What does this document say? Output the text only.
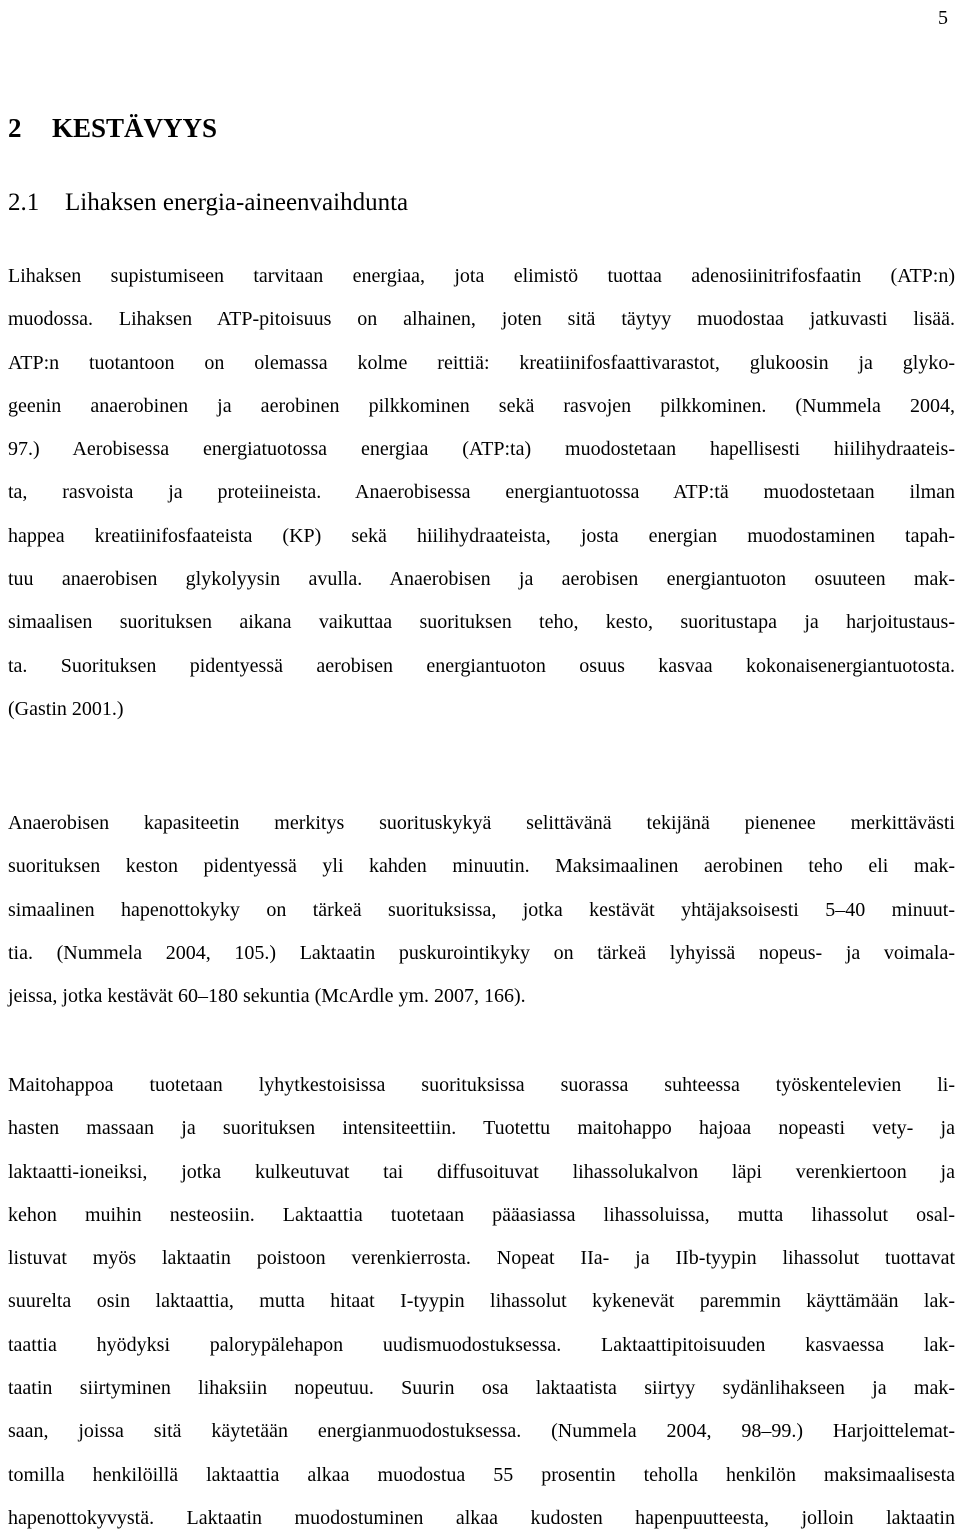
5
2 KESTÄVYYS
2.1 Lihaksen energia-aineenvaihdunta
Lihaksen supistumiseen tarvitaan energiaa, jota elimistö tuottaa adenosiinitrifosfaatin (ATP:n)
muodossa. Lihaksen ATP-pitoisuus on alhainen, joten sitä täytyy muodostaa jatkuvasti lisää.
ATP:n tuotantoon on olemassa kolme reittiä: kreatiinifosfaattivarastot, glukoosin ja glyko-
geenin anaerobinen ja aerobinen pilkkominen sekä rasvojen pilkkominen. (Nummela 2004,
97.) Aerobisessa energiatuotossa energiaa (ATP:ta) muodostetaan hapellisesti hiilihydraateis-
ta, rasvoista ja proteiineista. Anaerobisessa energiantuotossa ATP:tä muodostetaan ilman
happea kreatiinifosfaateista (KP) sekä hiilihydraateista, josta energian muodostaminen tapah-
tuu anaerobisen glykolyysin avulla. Anaerobisen ja aerobisen energiantuoton osuuteen mak-
simaalisen suorituksen aikana vaikuttaa suorituksen teho, kesto, suoritustapa ja harjoitustaus-
ta. Suorituksen pidentyessä aerobisen energiantuoton osuus kasvaa kokonaisenergiantuotosta.
(Gastin 2001.)
Anaerobisen kapasiteetin merkitys suorituskykyä selittävänä tekijänä pienenee merkittävästi
suorituksen keston pidentyessä yli kahden minuutin. Maksimaalinen aerobinen teho eli mak-
simaalinen hapenottokyky on tärkeä suorituksissa, jotka kestävät yhtäjaksoisesti 5–40 minuut-
tia. (Nummela 2004, 105.) Laktaatin puskurointikyky on tärkeä lyhyissä nopeus- ja voimala-
jeissa, jotka kestävät 60–180 sekuntia (McArdle ym. 2007, 166).
Maitohappoa tuotetaan lyhytkestoisissa suorituksissa suorassa suhteessa työskentelevien li-
hasten massaan ja suorituksen intensiteettiin. Tuotettu maitohappo hajoaa nopeasti vety- ja
laktaatti-ioneiksi, jotka kulkeutuvat tai diffusoituvat lihassolukalvon läpi verenkiertoon ja
kehon muihin nesteosiin. Laktaattia tuotetaan pääasiassa lihassoluissa, mutta lihassolut osal-
listuvat myös laktaatin poistoon verenkierrosta. Nopeat IIa- ja IIb-tyypin lihassolut tuottavat
suurelta osin laktaattia, mutta hitaat I-tyypin lihassolut kykenevät paremmin käyttämään lak-
taattia hyödyksi palorypälehapon uudismuodostuksessa. Laktaattipitoisuuden kasvaessa lak-
taatin siirtyminen lihaksiin nopeutuu. Suurin osa laktaatista siirtyy sydänlihakseen ja mak-
saan, joissa sitä käytetään energianmuodostuksessa. (Nummela 2004, 98–99.) Harjoittelemat-
tomilla henkilöillä laktaattia alkaa muodostua 55 prosentin teholla henkilön maksimaalisesta
hapenottokyvystä. Laktaatin muodostuminen alkaa kudosten hapenpuutteesta, jolloin laktaatin
